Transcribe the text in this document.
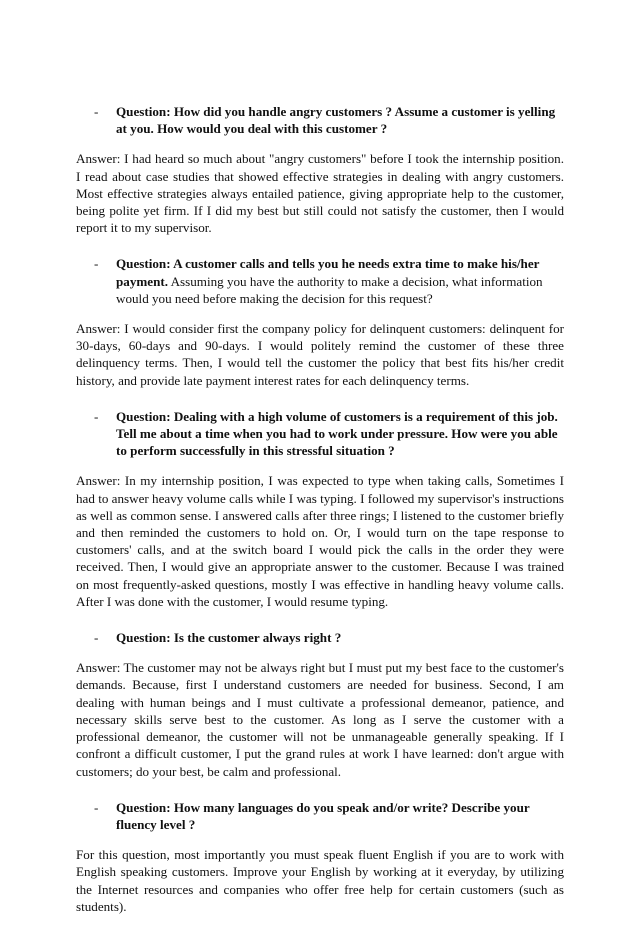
- Question: How did you handle angry customers ? Assume a customer is yelling at you. How would you deal with this customer ?

Answer: I had heard so much about "angry customers" before I took the internship position. I read about case studies that showed effective strategies in dealing with angry customers. Most effective strategies always entailed patience, giving appropriate help to the customer, being polite yet firm. If I did my best but still could not satisfy the customer, then I would report it to my supervisor.

- Question: A customer calls and tells you he needs extra time to make his/her payment. Assuming you have the authority to make a decision, what information would you need before making the decision for this request?

Answer: I would consider first the company policy for delinquent customers: delinquent for 30-days, 60-days and 90-days. I would politely remind the customer of these three delinquency terms. Then, I would tell the customer the policy that best fits his/her credit history, and provide late payment interest rates for each delinquency terms.

- Question: Dealing with a high volume of customers is a requirement of this job. Tell me about a time when you had to work under pressure. How were you able to perform successfully in this stressful situation ?

Answer: In my internship position, I was expected to type when taking calls, Sometimes I had to answer heavy volume calls while I was typing. I followed my supervisor's instructions as well as common sense. I answered calls after three rings; I listened to the customer briefly and then reminded the customers to hold on. Or, I would turn on the tape response to customers' calls, and at the switch board I would pick the calls in the order they were received. Then, I would give an appropriate answer to the customer. Because I was trained on most frequently-asked questions, mostly I was effective in handling heavy volume calls. After I was done with the customer, I would resume typing.

- Question: Is the customer always right ?

Answer: The customer may not be always right but I must put my best face to the customer's demands. Because, first I understand customers are needed for business. Second, I am dealing with human beings and I must cultivate a professional demeanor, patience, and necessary skills serve best to the customer. As long as I serve the customer with a professional demeanor, the customer will not be unmanageable generally speaking. If I confront a difficult customer, I put the grand rules at work I have learned: don't argue with customers; do your best, be calm and professional.

- Question: How many languages do you speak and/or write? Describe your fluency level ?

For this question, most importantly you must speak fluent English if you are to work with English speaking customers. Improve your English by working at it everyday, by utilizing the Internet resources and companies who offer free help for certain customers (such as students).
